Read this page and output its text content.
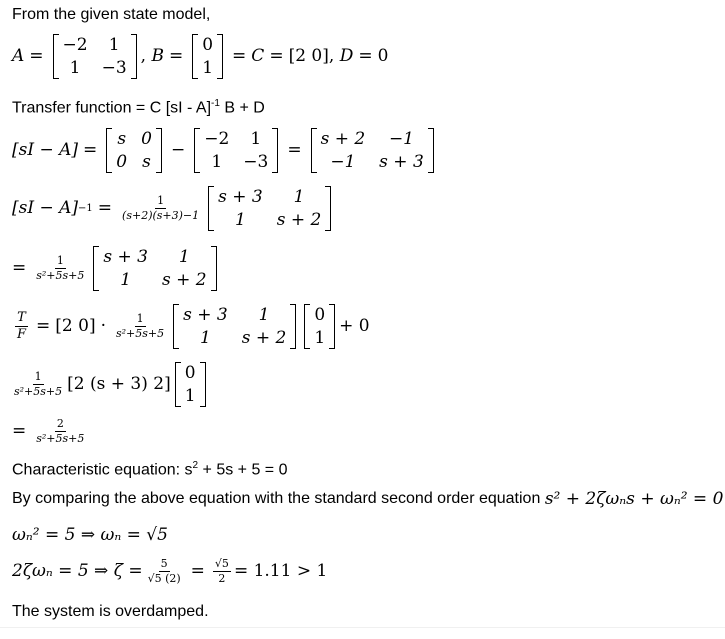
From the given state model,
A =
−2	1
1	−3
, B =
0
1
= C = [2 0] , D = 0
Transfer function = C [sI - A]$^{-1}$ B + D
[sI − A] =
s 0
0 s
−
−2	1
1	−3
=
s + 2	−1
−1	s + 3
$[sI - A] -1 = \frac{1}{(s+2)(s+3)-1}$ s + 3	1
1	s + 2
= $\frac{1}{\text{s²+5s+5}}$ s + 3	1
1	s + 2
$\frac{T}{F} = [2$ $0] \cdot \frac{1}{\text{s²+5s+5}}$ s + 3	1
1	s + 2
0
1
+ 0
$\frac{1}{\text{s²+5s+5}} [2$ (s + 3) 2]
0
1
= $\frac{2}{\text{s²+5s+5}}$
Characteristic equation: $s^2 + 5s + 5 = 0$
By comparing the above equation with the standard second order equation
s² + 2ζωₙs + ωₙ² = 0
ωₙ² = 5 ⇒ ωₙ = √5
2ζωₙ = 5 ⇒ $\zeta = \frac{5}{√5 (2)} = \frac{√5}{2} = 1.11 > 1$
The system is overdamped.
